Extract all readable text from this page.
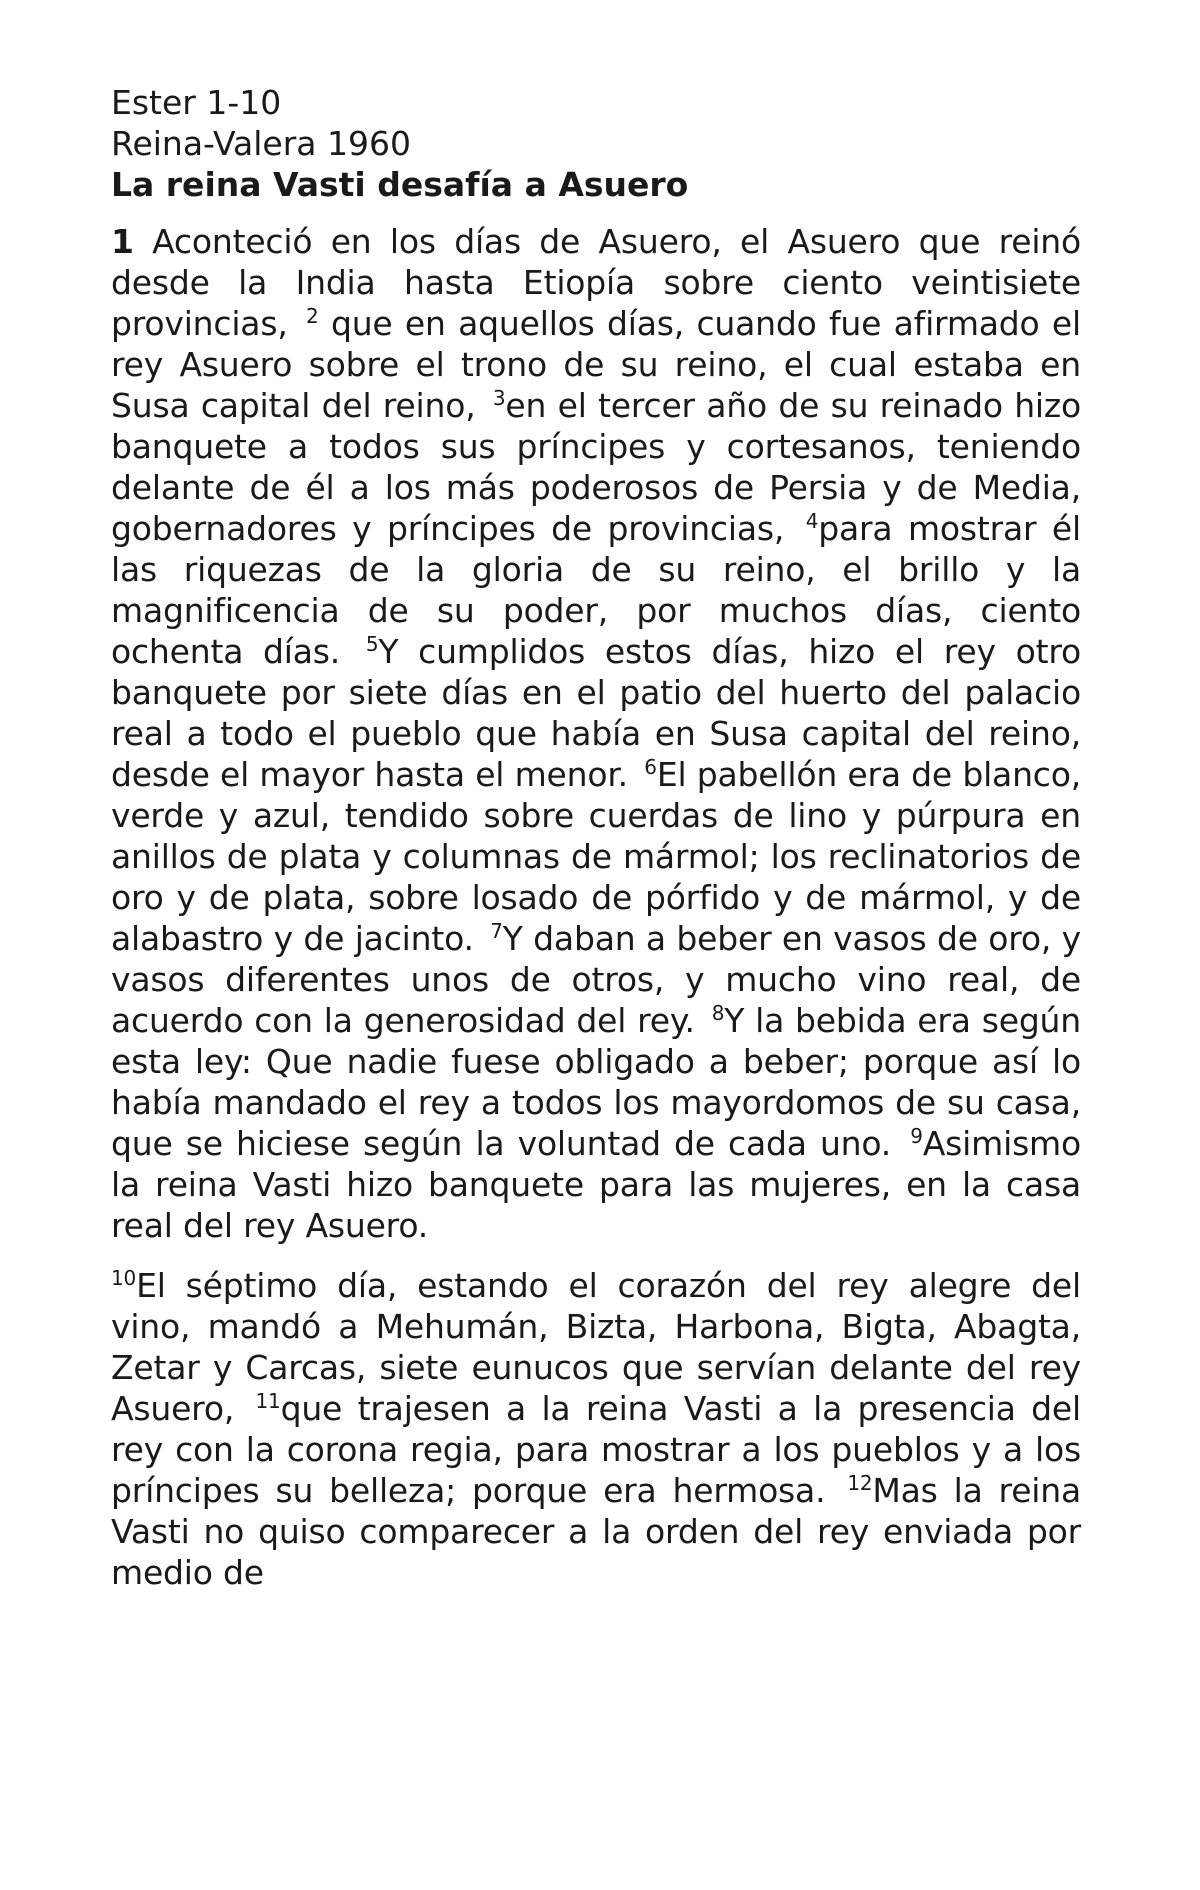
Ester 1-10

Reina-Valera 1960

La reina Vasti desafía a Asuero

1 Aconteció en los días de Asuero, el Asuero que reinó desde la India hasta Etiopía sobre ciento veintisiete provincias, $^2$ que en aquellos días, cuando fue afirmado el rey Asuero sobre el trono de su reino, el cual estaba en Susa capital del reino, $^3$en el tercer año de su reinado hizo banquete a todos sus príncipes y cortesanos, teniendo delante de él a los más poderosos de Persia y de Media, gobernadores y príncipes de provincias, $^4$para mostrar él las riquezas de la gloria de su reino, el brillo y la magnificencia de su poder, por muchos días, ciento ochenta días. $^5$Y cumplidos estos días, hizo el rey otro banquete por siete días en el patio del huerto del palacio real a todo el pueblo que había en Susa capital del reino, desde el mayor hasta el menor. $^6$El pabellón era de blanco, verde y azul, tendido sobre cuerdas de lino y púrpura en anillos de plata y columnas de mármol; los reclinatorios de oro y de plata, sobre losado de pórfido y de mármol, y de alabastro y de jacinto. $^7$Y daban a beber en vasos de oro, y vasos diferentes unos de otros, y mucho vino real, de acuerdo con la generosidad del rey. $^8$Y la bebida era según esta ley: Que nadie fuese obligado a beber; porque así lo había mandado el rey a todos los mayordomos de su casa, que se hiciese según la voluntad de cada uno. $^9$Asimismo la reina Vasti hizo banquete para las mujeres, en la casa real del rey Asuero.

$^{10}$El séptimo día, estando el corazón del rey alegre del vino, mandó a Mehumán, Bizta, Harbona, Bigta, Abagta, Zetar y Carcas, siete eunucos que servían delante del rey Asuero, $^{11}$que trajesen a la reina Vasti a la presencia del rey con la corona regia, para mostrar a los pueblos y a los príncipes su belleza; porque era hermosa. $^{12}$Mas la reina Vasti no quiso comparecer a la orden del rey enviada por medio de
